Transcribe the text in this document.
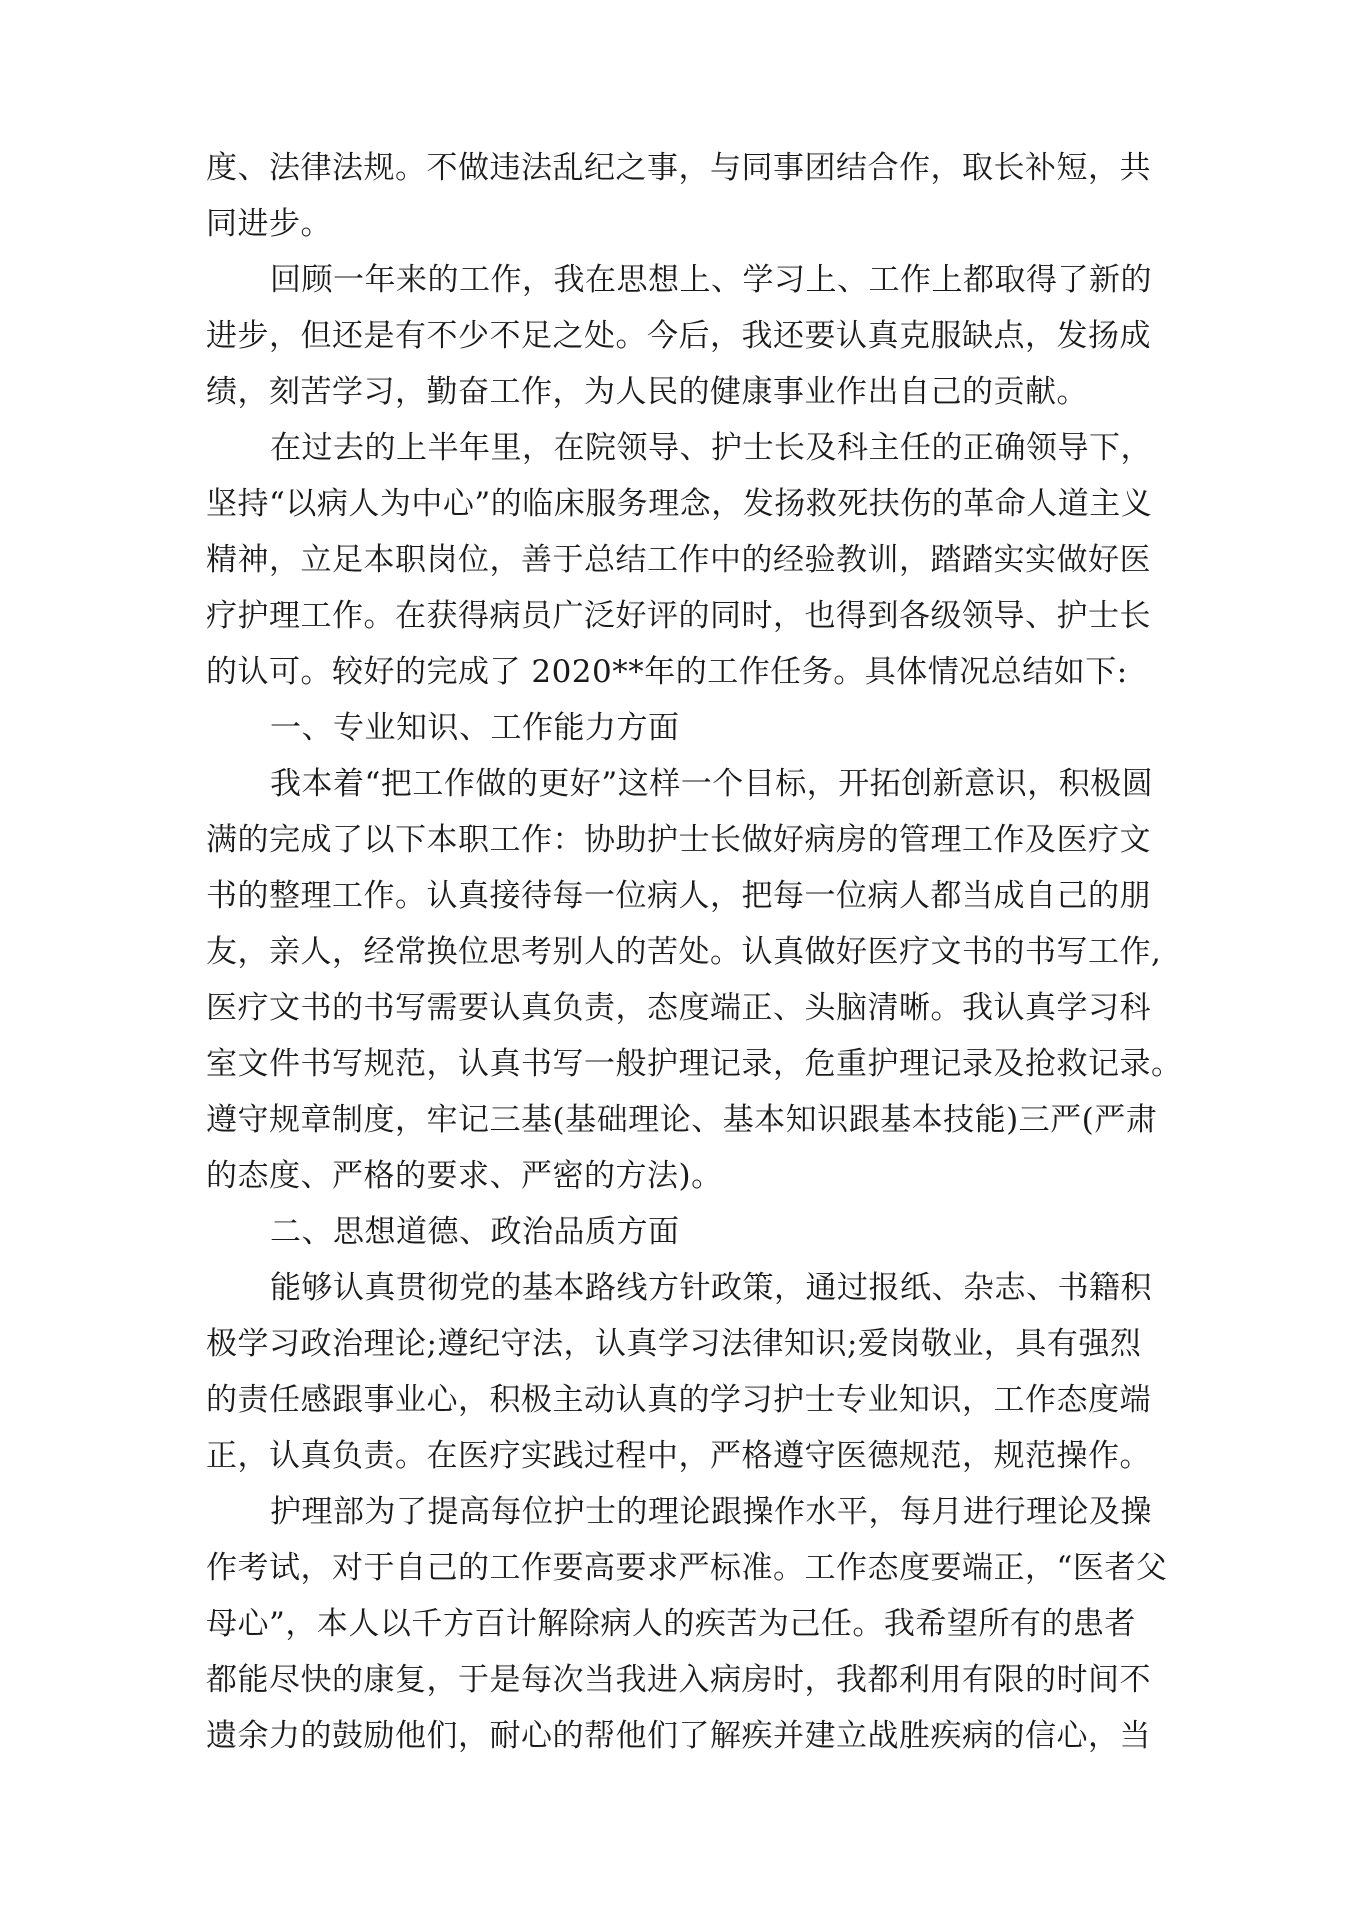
度、法律法规。不做违法乱纪之事，与同事团结合作，取长补短，共
同进步。
回顾一年来的工作，我在思想上、学习上、工作上都取得了新的
进步，但还是有不少不足之处。今后，我还要认真克服缺点，发扬成
绩，刻苦学习，勤奋工作，为人民的健康事业作出自己的贡献。
在过去的上半年里，在院领导、护士长及科主任的正确领导下，
坚持“以病人为中心”的临床服务理念，发扬救死扶伤的革命人道主义
精神，立足本职岗位，善于总结工作中的经验教训，踏踏实实做好医
疗护理工作。在获得病员广泛好评的同时，也得到各级领导、护士长
的认可。较好的完成了 2020**年的工作任务。具体情况总结如下:
一、专业知识、工作能力方面
我本着“把工作做的更好”这样一个目标，开拓创新意识，积极圆
满的完成了以下本职工作：协助护士长做好病房的管理工作及医疗文
书的整理工作。认真接待每一位病人，把每一位病人都当成自己的朋
友，亲人，经常换位思考别人的苦处。认真做好医疗文书的书写工作,
医疗文书的书写需要认真负责，态度端正、头脑清晰。我认真学习科
室文件书写规范，认真书写一般护理记录，危重护理记录及抢救记录。
遵守规章制度，牢记三基(基础理论、基本知识跟基本技能)三严(严肃
的态度、严格的要求、严密的方法)。
二、思想道德、政治品质方面
能够认真贯彻党的基本路线方针政策，通过报纸、杂志、书籍积
极学习政治理论;遵纪守法，认真学习法律知识;爱岗敬业，具有强烈
的责任感跟事业心，积极主动认真的学习护士专业知识，工作态度端
正，认真负责。在医疗实践过程中，严格遵守医德规范，规范操作。
护理部为了提高每位护士的理论跟操作水平，每月进行理论及操
作考试，对于自己的工作要高要求严标准。工作态度要端正，“医者父
母心”，本人以千方百计解除病人的疾苦为己任。我希望所有的患者
都能尽快的康复，于是每次当我进入病房时，我都利用有限的时间不
遗余力的鼓励他们，耐心的帮他们了解疾并建立战胜疾病的信心，当
